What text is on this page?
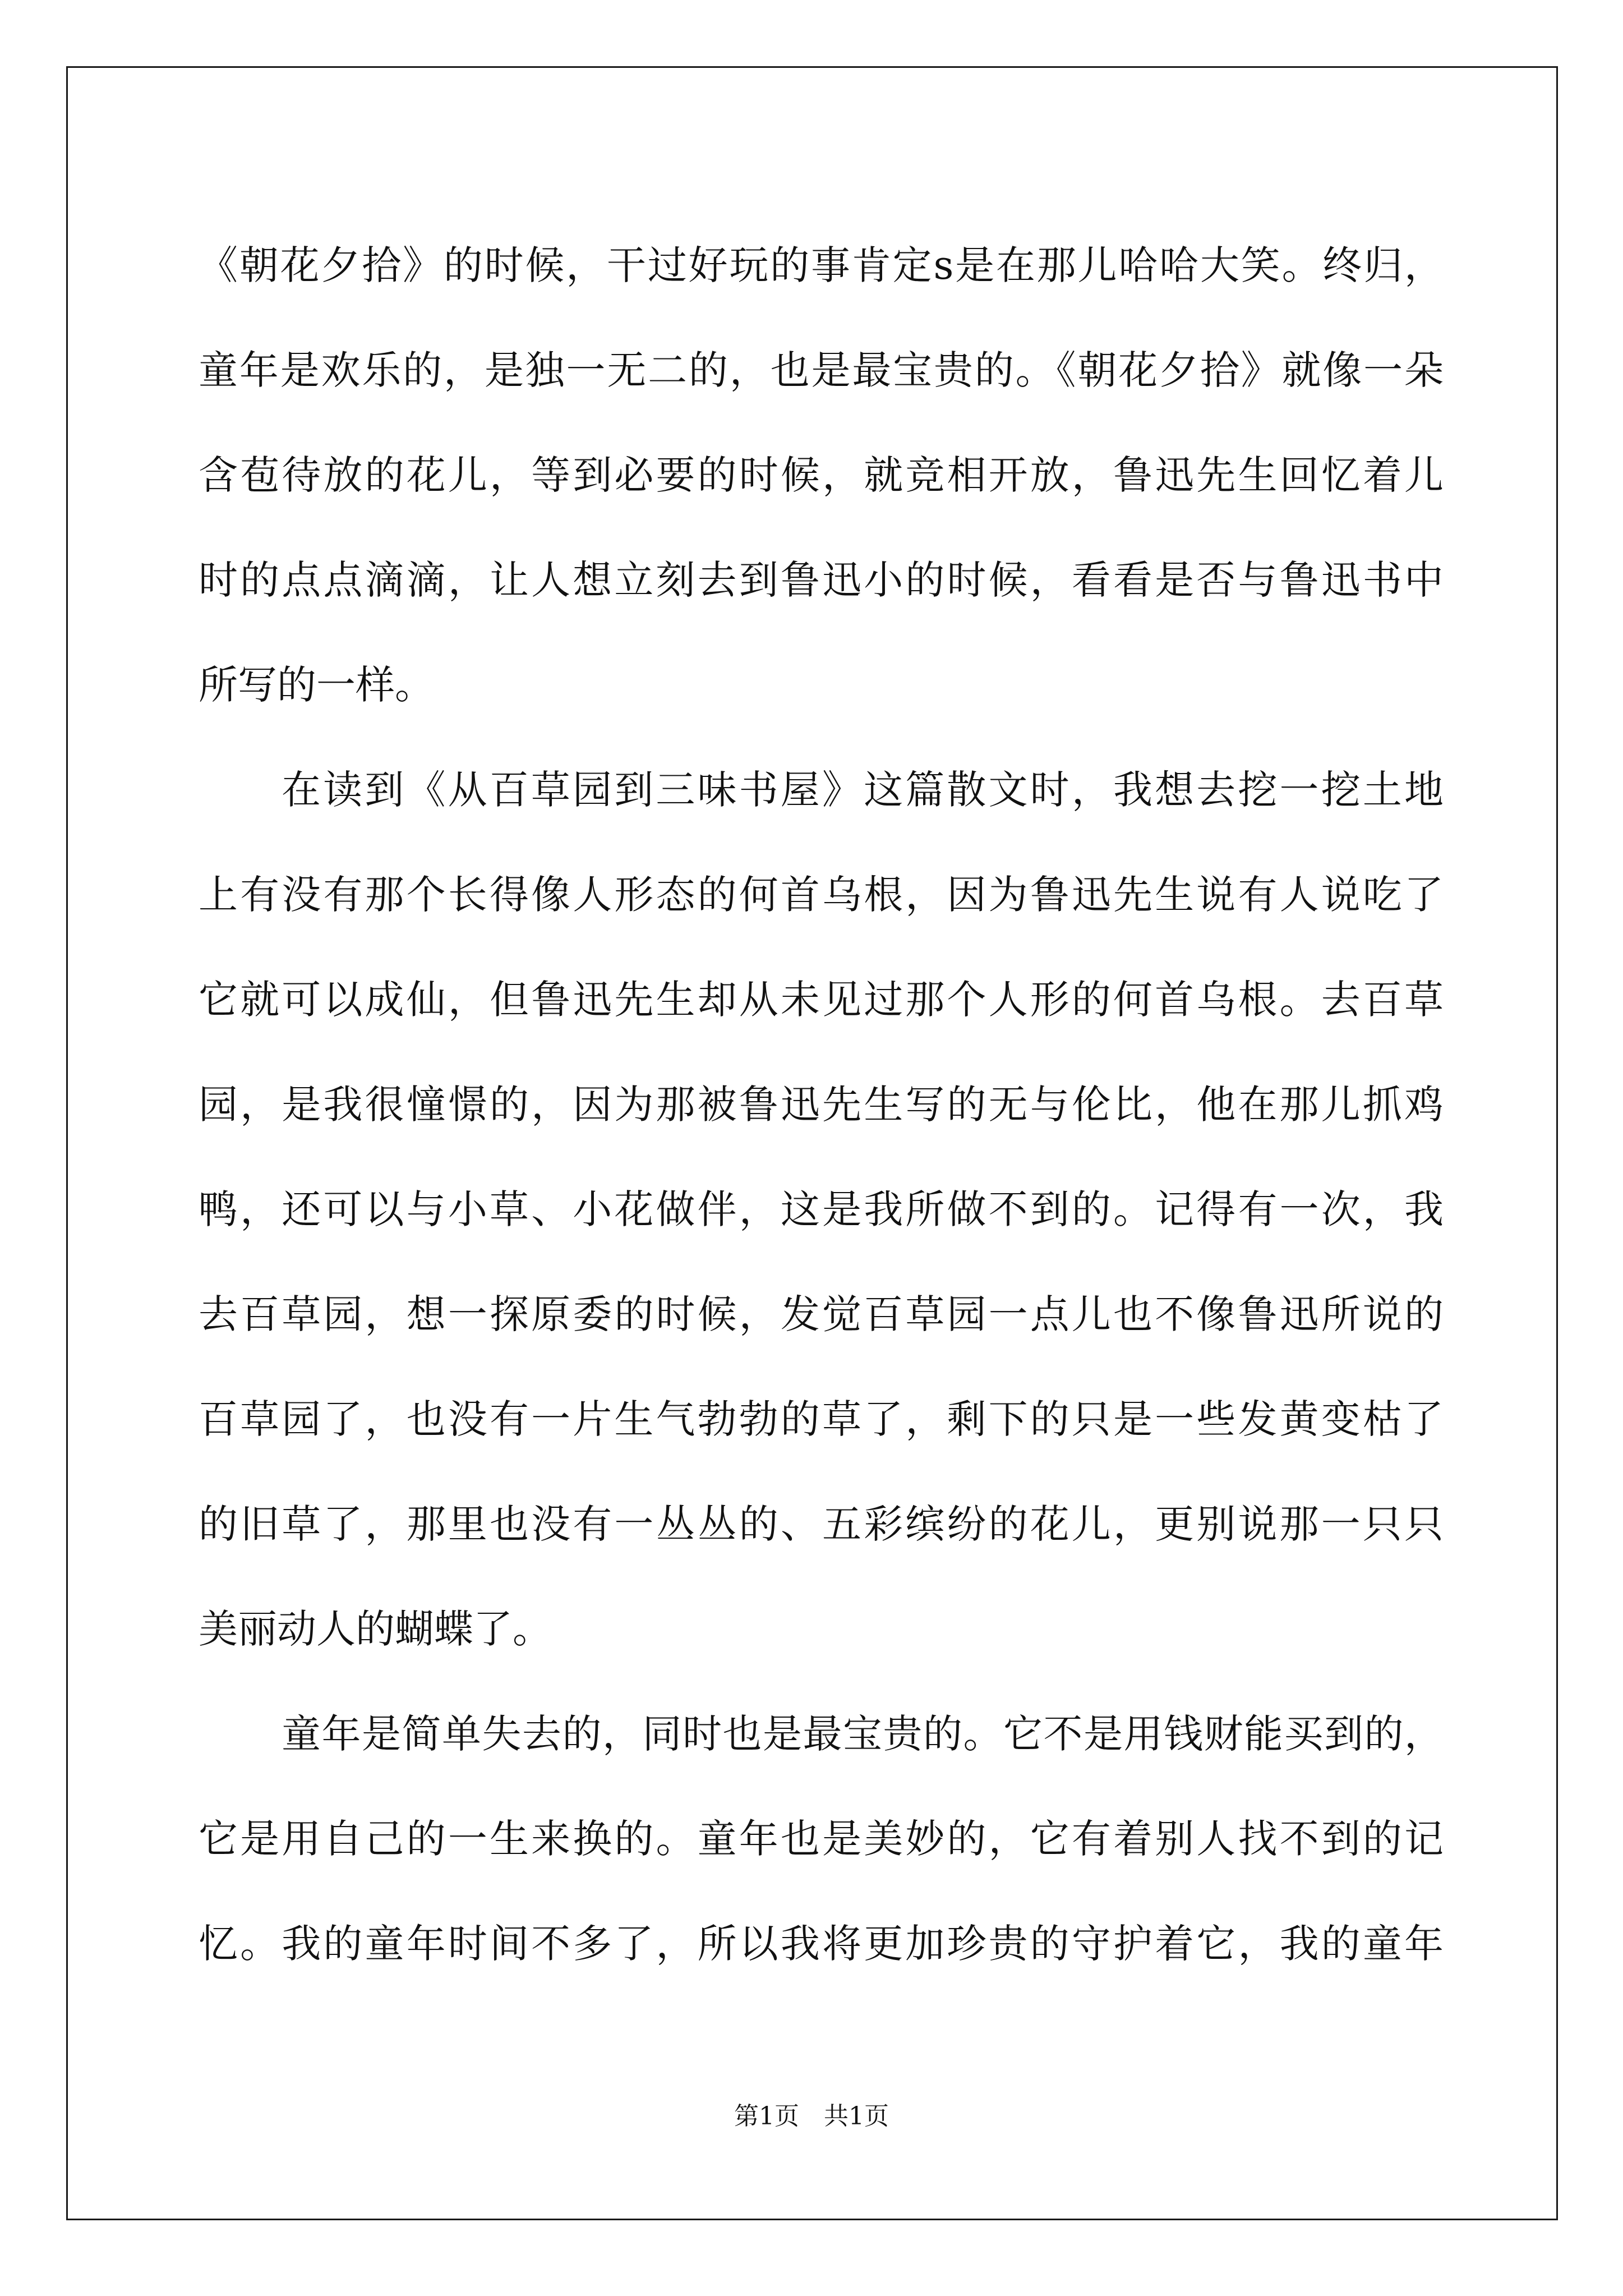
《朝花夕拾》的时候，干过好玩的事肯定s是在那儿哈哈大笑。终归，
童年是欢乐的，是独一无二的，也是最宝贵的。《朝花夕拾》就像一朵
含苞待放的花儿，等到必要的时候，就竞相开放，鲁迅先生回忆着儿
时的点点滴滴，让人想立刻去到鲁迅小的时候，看看是否与鲁迅书中
所写的一样。
在读到《从百草园到三味书屋》这篇散文时，我想去挖一挖土地
上有没有那个长得像人形态的何首乌根，因为鲁迅先生说有人说吃了
它就可以成仙，但鲁迅先生却从未见过那个人形的何首乌根。去百草
园，是我很憧憬的，因为那被鲁迅先生写的无与伦比，他在那儿抓鸡
鸭，还可以与小草、小花做伴，这是我所做不到的。记得有一次，我
去百草园，想一探原委的时候，发觉百草园一点儿也不像鲁迅所说的
百草园了，也没有一片生气勃勃的草了，剩下的只是一些发黄变枯了
的旧草了，那里也没有一丛丛的、五彩缤纷的花儿，更别说那一只只
美丽动人的蝴蝶了。
童年是简单失去的，同时也是最宝贵的。它不是用钱财能买到的，
它是用自己的一生来换的。童年也是美妙的，它有着别人找不到的记
忆。我的童年时间不多了，所以我将更加珍贵的守护着它，我的童年
第1页 共1页
